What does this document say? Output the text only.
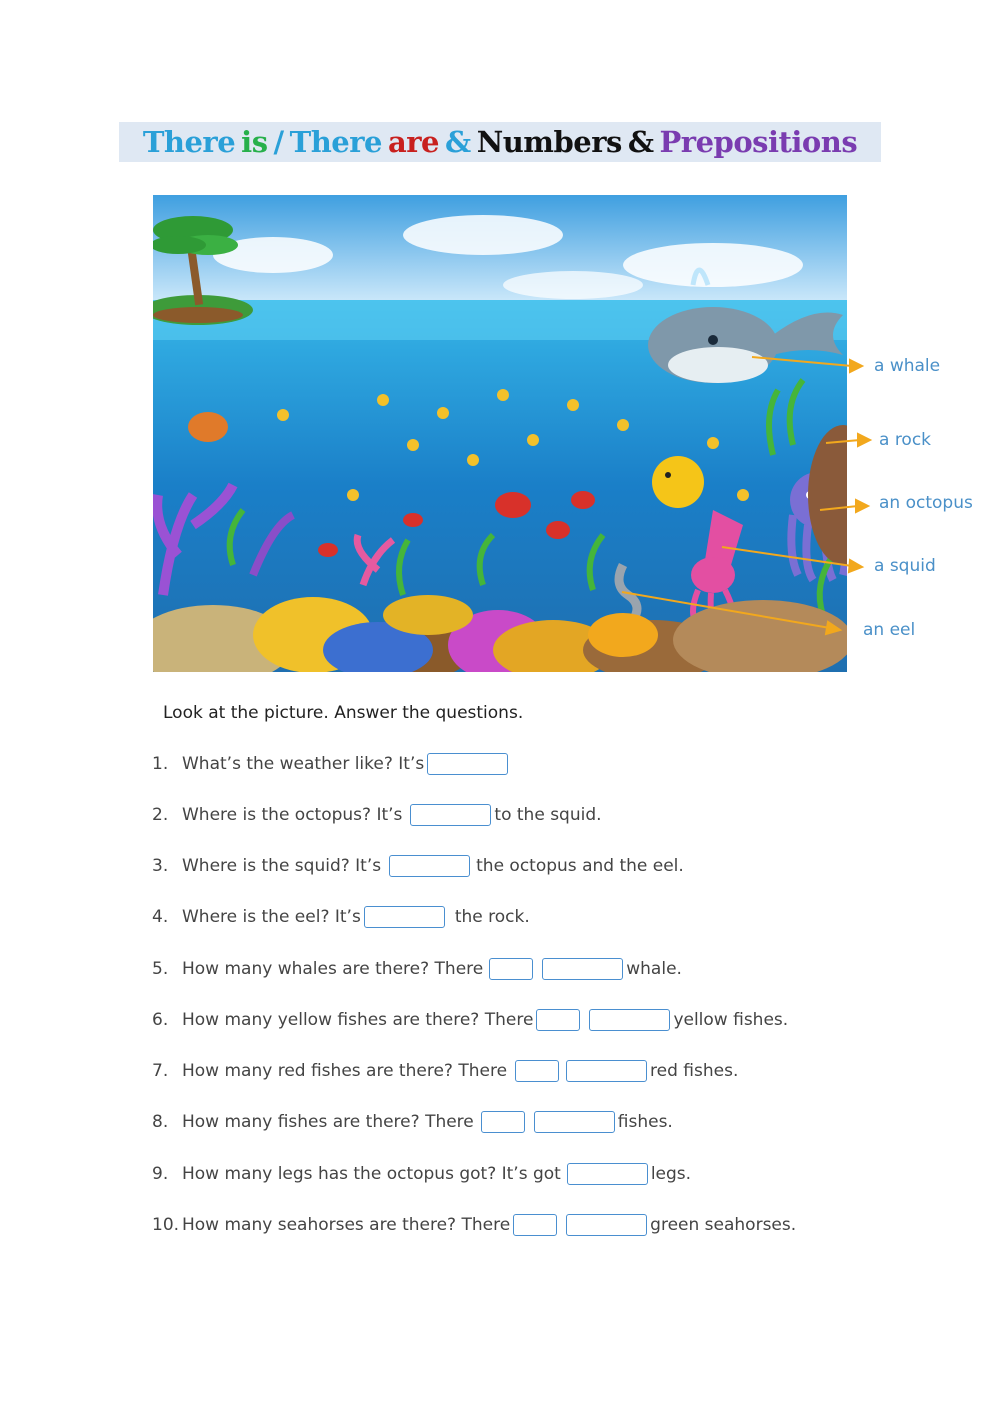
There is / There are & Numbers & Prepositions
a whale
a rock
an octopus
a squid
an eel
Look at the picture. Answer the questions.
1. What’s the weather like? It’s
2. Where is the octopus? It’s	to the squid.
3. Where is the squid? It’s	the octopus and the eel.
4. Where is the eel? It’s	the rock.
5. How many whales are there? There	whale.
6. How many yellow fishes are there? There	yellow fishes.
7. How many red fishes are there? There	red fishes.
8. How many fishes are there? There	fishes.
9. How many legs has the octopus got? It’s got	legs.
10. How many seahorses are there? There	green seahorses.
